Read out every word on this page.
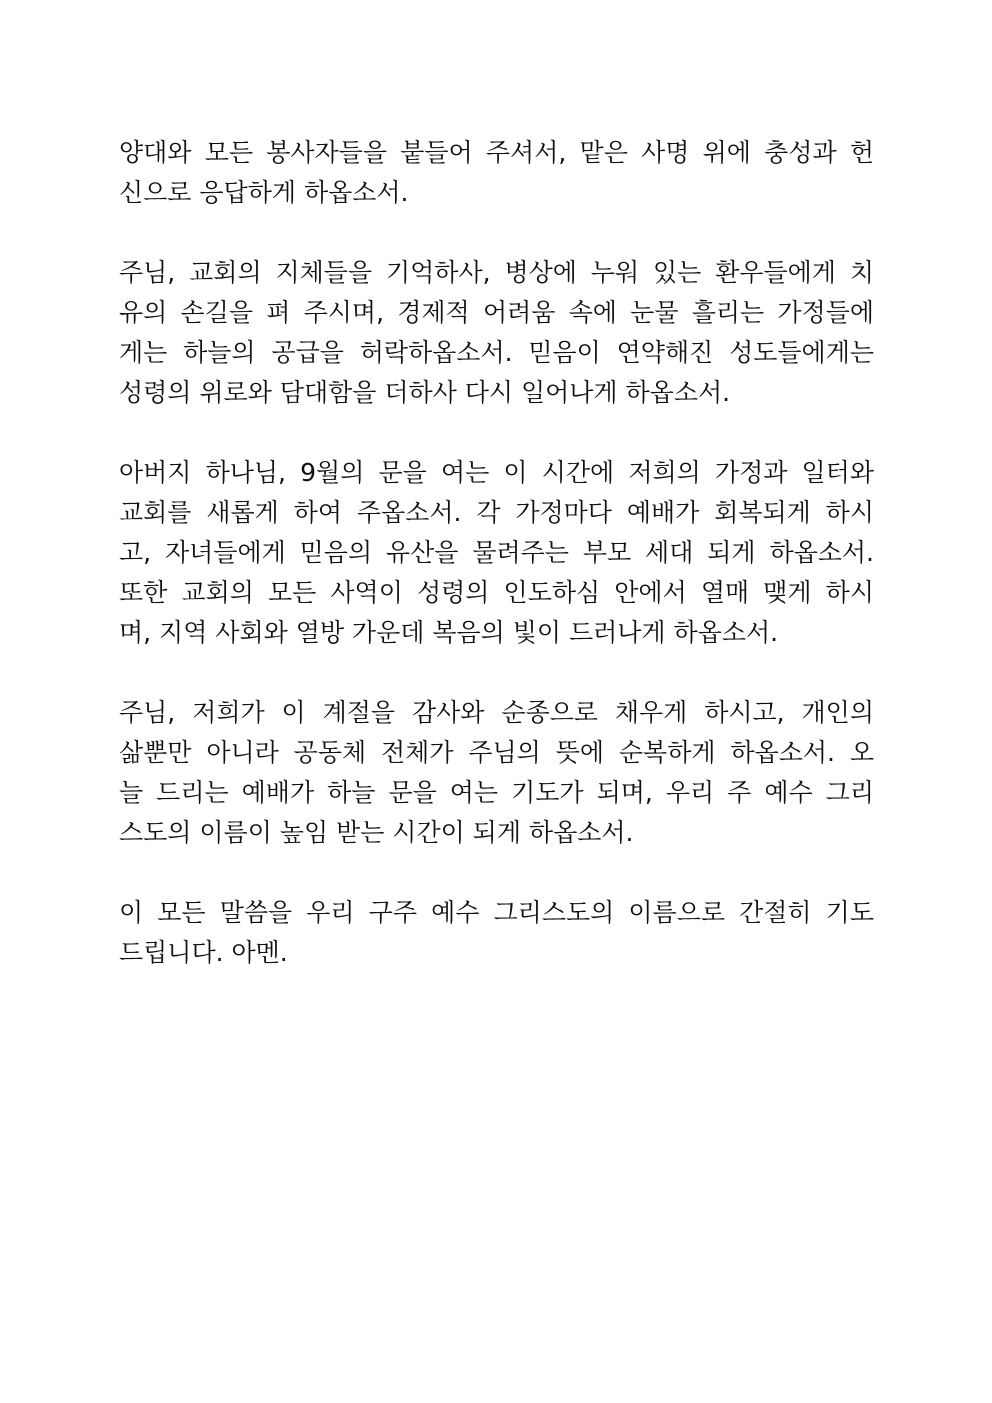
양대와 모든 봉사자들을 붙들어 주셔서, 맡은 사명 위에 충성과 헌
신으로 응답하게 하옵소서.

주님, 교회의 지체들을 기억하사, 병상에 누워 있는 환우들에게 치
유의 손길을 펴 주시며, 경제적 어려움 속에 눈물 흘리는 가정들에
게는 하늘의 공급을 허락하옵소서. 믿음이 연약해진 성도들에게는
성령의 위로와 담대함을 더하사 다시 일어나게 하옵소서.

아버지 하나님, 9월의 문을 여는 이 시간에 저희의 가정과 일터와
교회를 새롭게 하여 주옵소서. 각 가정마다 예배가 회복되게 하시
고, 자녀들에게 믿음의 유산을 물려주는 부모 세대 되게 하옵소서.
또한 교회의 모든 사역이 성령의 인도하심 안에서 열매 맺게 하시
며, 지역 사회와 열방 가운데 복음의 빛이 드러나게 하옵소서.

주님, 저희가 이 계절을 감사와 순종으로 채우게 하시고, 개인의
삶뿐만 아니라 공동체 전체가 주님의 뜻에 순복하게 하옵소서. 오
늘 드리는 예배가 하늘 문을 여는 기도가 되며, 우리 주 예수 그리
스도의 이름이 높임 받는 시간이 되게 하옵소서.

이 모든 말씀을 우리 구주 예수 그리스도의 이름으로 간절히 기도
드립니다. 아멘.
